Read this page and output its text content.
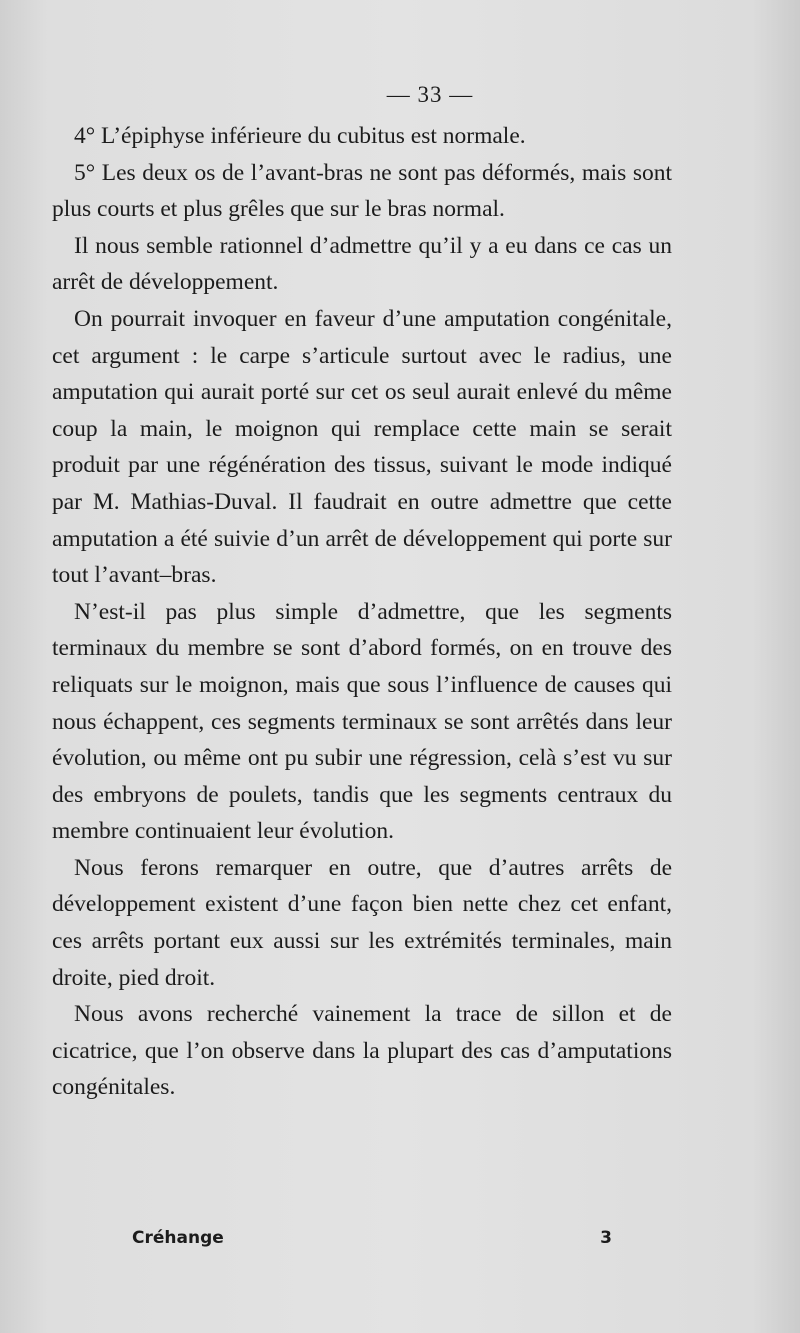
— 33 —

4° L’épiphyse inférieure du cubitus est normale.

5° Les deux os de l’avant-bras ne sont pas déformés, mais sont plus courts et plus grêles que sur le bras normal.

Il nous semble rationnel d’admettre qu’il y a eu dans ce cas un arrêt de développement.

On pourrait invoquer en faveur d’une amputation congénitale, cet argument : le carpe s’articule surtout avec le radius, une amputation qui aurait porté sur cet os seul aurait enlevé du même coup la main, le moignon qui remplace cette main se serait produit par une régénération des tissus, suivant le mode indiqué par M. Mathias-Duval. Il faudrait en outre admettre que cette amputation a été suivie d’un arrêt de développement qui porte sur tout l’avant–bras.

N’est-il pas plus simple d’admettre, que les segments terminaux du membre se sont d’abord formés, on en trouve des reliquats sur le moignon, mais que sous l’influence de causes qui nous échappent, ces segments terminaux se sont arrêtés dans leur évolution, ou même ont pu subir une régression, celà s’est vu sur des embryons de poulets, tandis que les segments centraux du membre continuaient leur évolution.

Nous ferons remarquer en outre, que d’autres arrêts de développement existent d’une façon bien nette chez cet enfant, ces arrêts portant eux aussi sur les extrémités terminales, main droite, pied droit.

Nous avons recherché vainement la trace de sillon et de cicatrice, que l’on observe dans la plupart des cas d’amputations congénitales.

Créhange	3
